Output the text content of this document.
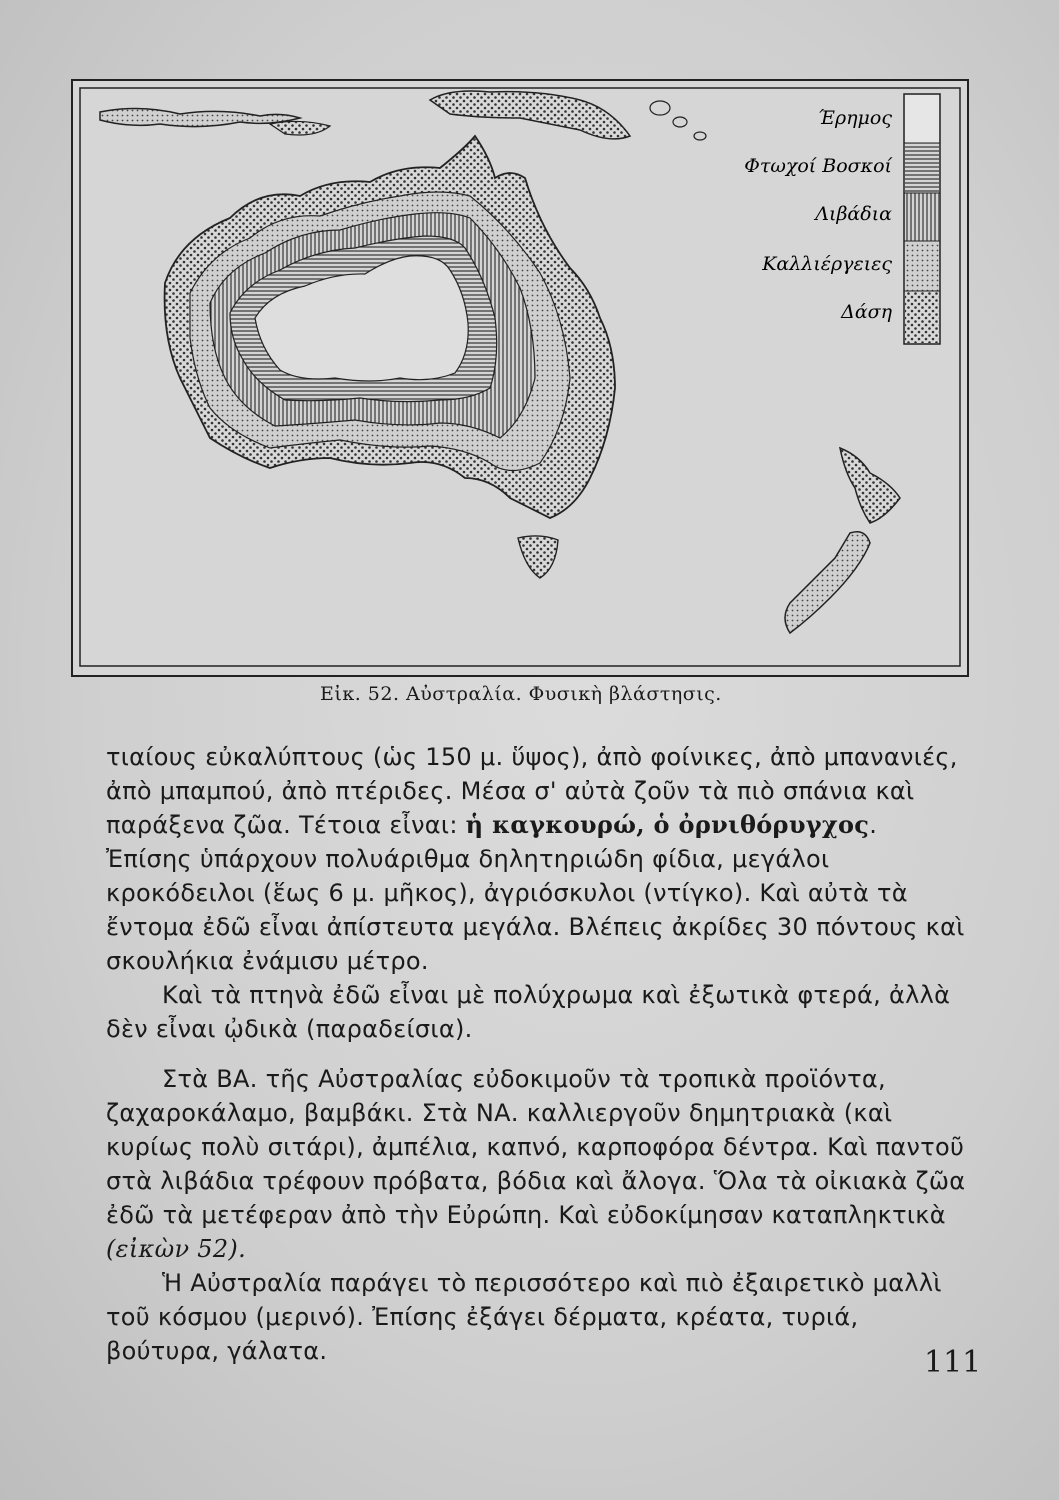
Έρημος
Φτωχοί Βοσκοί
Λιβάδια
Καλλιέργειες
Δάση
Εἰκ. 52. Αὐστραλία. Φυσικὴ βλάστησις.

τιαίους εὐκαλύπτους (ὡς 150 μ. ὕψος), ἀπὸ φοίνικες, ἀπὸ μπανανιές, ἀπὸ μπαμπού, ἀπὸ πτέριδες. Μέσα σ' αὐτὰ ζοῦν τὰ πιὸ σπάνια καὶ παράξενα ζῶα. Τέτοια εἶναι: ἡ καγκουρώ, ὁ ὀρνιθόρυγχος. Ἐπίσης ὑπάρχουν πολυάριθμα δηλητηριώδη φίδια, μεγάλοι κροκόδειλοι (ἕως 6 μ. μῆκος), ἀγριόσκυλοι (ντίγκο). Καὶ αὐτὰ τὰ ἔντομα ἐδῶ εἶναι ἀπίστευτα μεγάλα. Βλέπεις ἀκρίδες 30 πόντους καὶ σκουλήκια ἐνάμισυ μέτρο.

Καὶ τὰ πτηνὰ ἐδῶ εἶναι μὲ πολύχρωμα καὶ ἐξωτικὰ φτερά, ἀλλὰ δὲν εἶναι ᾠδικὰ (παραδείσια).

Στὰ ΒΑ. τῆς Αὐστραλίας εὐδοκιμοῦν τὰ τροπικὰ προϊόντα, ζαχαροκάλαμο, βαμβάκι. Στὰ ΝΑ. καλλιεργοῦν δημητριακὰ (καὶ κυρίως πολὺ σιτάρι), ἀμπέλια, καπνό, καρποφόρα δέντρα. Καὶ παντοῦ στὰ λιβάδια τρέφουν πρόβατα, βόδια καὶ ἄλογα. Ὅλα τὰ οἰκιακὰ ζῶα ἐδῶ τὰ μετέφεραν ἀπὸ τὴν Εὐρώπη. Καὶ εὐδοκίμησαν καταπληκτικὰ (εἰκὼν 52).

Ἡ Αὐστραλία παράγει τὸ περισσότερο καὶ πιὸ ἐξαιρετικὸ μαλλὶ τοῦ κόσμου (μερινό). Ἐπίσης ἐξάγει δέρματα, κρέατα, τυριά, βούτυρα, γάλατα.	111
